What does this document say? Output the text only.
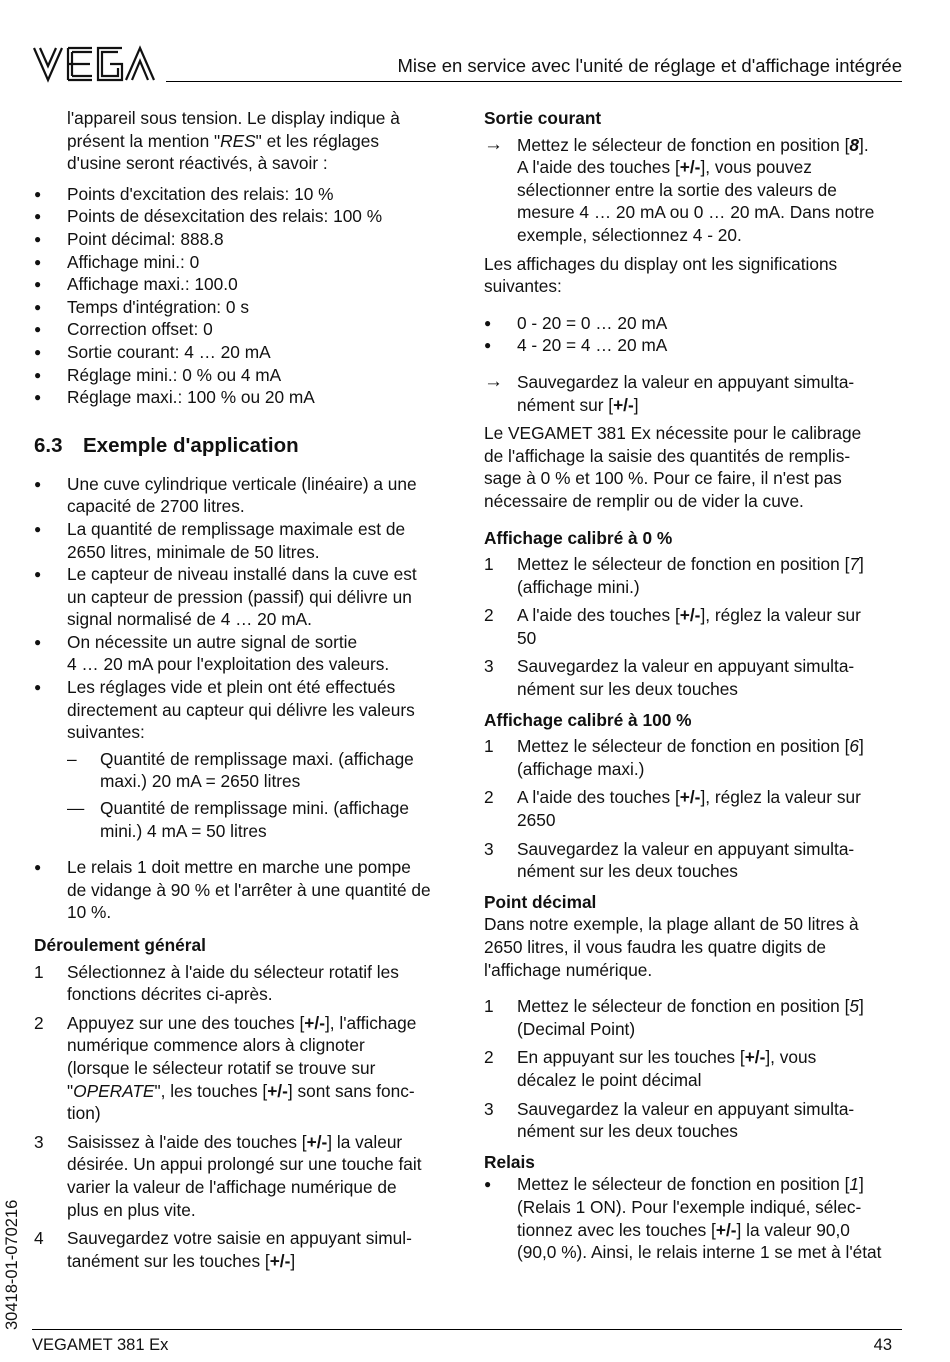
Mise en service avec l'unité de réglage et d'affichage intégrée

l'appareil sous tension. Le display indique à
présent la mention "RES" et les réglages
d'usine seront réactivés, à savoir :

● Points d'excitation des relais: 10 %
● Points de désexcitation des relais: 100 %
● Point décimal: 888.8
● Affichage mini.: 0
● Affichage maxi.: 100.0
● Temps d'intégration: 0 s
● Correction offset: 0
● Sortie courant: 4 … 20 mA
● Réglage mini.: 0 % ou 4 mA
● Réglage maxi.: 100 % ou 20 mA
6.3 Exemple d'application
● Une cuve cylindrique verticale (linéaire) a une
capacité de 2700 litres.
● La quantité de remplissage maximale est de
2650 litres, minimale de 50 litres.
● Le capteur de niveau installé dans la cuve est
un capteur de pression (passif) qui délivre un
signal normalisé de 4 … 20 mA.
● On nécessite un autre signal de sortie
4 … 20 mA pour l'exploitation des valeurs.
● Les réglages vide et plein ont été effectués
directement au capteur qui délivre les valeurs
suivantes:
– Quantité de remplissage maxi. (affichage
maxi.) 20 mA = 2650 litres
— Quantité de remplissage mini. (affichage
mini.) 4 mA = 50 litres
● Le relais 1 doit mettre en marche une pompe
de vidange à 90 % et l'arrêter à une quantité de
10 %.
Déroulement général
1 Sélectionnez à l'aide du sélecteur rotatif les
fonctions décrites ci-après.
2 Appuyez sur une des touches [+/-], l'affichage
numérique commence alors à clignoter
(lorsque le sélecteur rotatif se trouve sur
"OPERATE", les touches [+/-] sont sans fonc-
tion)
3 Saisissez à l'aide des touches [+/-] la valeur
désirée. Un appui prolongé sur une touche fait
varier la valeur de l'affichage numérique de
plus en plus vite.
4 Sauvegardez votre saisie en appuyant simul-
tanément sur les touches [+/-]
Sortie courant
→ Mettez le sélecteur de fonction en position [8].
A l'aide des touches [+/-], vous pouvez
sélectionner entre la sortie des valeurs de
mesure 4 … 20 mA ou 0 … 20 mA. Dans notre
exemple, sélectionnez 4 - 20.

Les affichages du display ont les significations
suivantes:

● 0 - 20 = 0 … 20 mA
● 4 - 20 = 4 … 20 mA
→ Sauvegardez la valeur en appuyant simulta-
nément sur [+/-]

Le VEGAMET 381 Ex nécessite pour le calibrage
de l'affichage la saisie des quantités de remplis-
sage à 0 % et 100 %. Pour ce faire, il n'est pas
nécessaire de remplir ou de vider la cuve.

Affichage calibré à 0 %
1 Mettez le sélecteur de fonction en position [7]
(affichage mini.)
2 A l'aide des touches [+/-], réglez la valeur sur
50
3 Sauvegardez la valeur en appuyant simulta-
nément sur les deux touches
Affichage calibré à 100 %
1 Mettez le sélecteur de fonction en position [6]
(affichage maxi.)
2 A l'aide des touches [+/-], réglez la valeur sur
2650
3 Sauvegardez la valeur en appuyant simulta-
nément sur les deux touches
Point décimal

Dans notre exemple, la plage allant de 50 litres à
2650 litres, il vous faudra les quatre digits de
l'affichage numérique.

1 Mettez le sélecteur de fonction en position [5]
(Decimal Point)
2 En appuyant sur les touches [+/-], vous
décalez le point décimal
3 Sauvegardez la valeur en appuyant simulta-
nément sur les deux touches
Relais
● Mettez le sélecteur de fonction en position [1]
(Relais 1 ON). Pour l'exemple indiqué, sélec-
tionnez avec les touches [+/-] la valeur 90,0
(90,0 %). Ainsi, le relais interne 1 se met à l'état
30418-01-070216
VEGAMET 381 Ex	43
